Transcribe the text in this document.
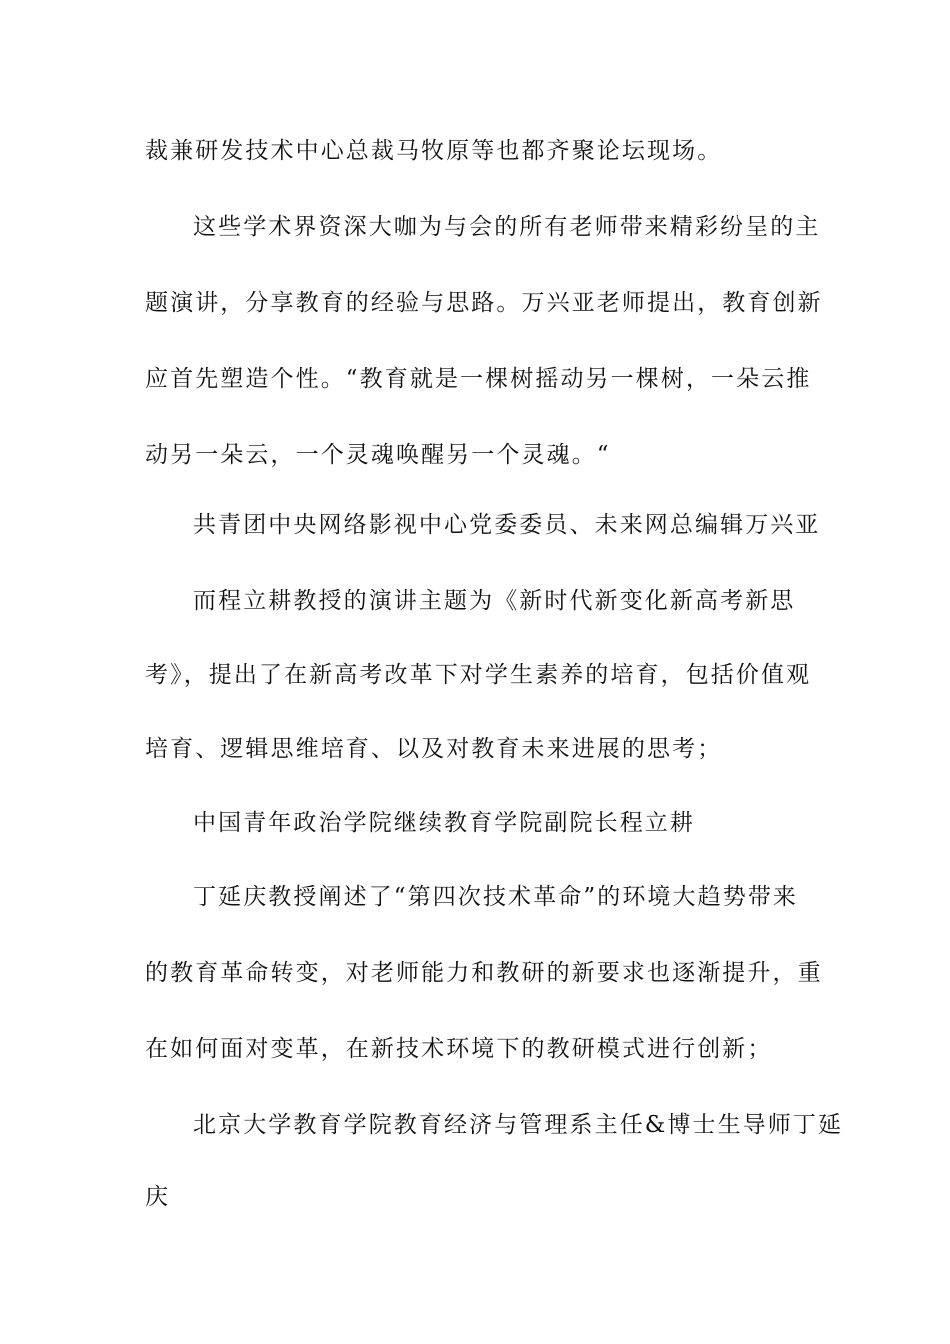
裁兼研发技术中心总裁马牧原等也都齐聚论坛现场。
这些学术界资深大咖为与会的所有老师带来精彩纷呈的主
题演讲，分享教育的经验与思路。万兴亚老师提出，教育创新
应首先塑造个性。“教育就是一棵树摇动另一棵树，一朵云推
动另一朵云，一个灵魂唤醒另一个灵魂。“
共青团中央网络影视中心党委委员、未来网总编辑万兴亚
而程立耕教授的演讲主题为《新时代新变化新高考新思
考》，提出了在新高考改革下对学生素养的培育，包括价值观
培育、逻辑思维培育、以及对教育未来进展的思考；
中国青年政治学院继续教育学院副院长程立耕
丁延庆教授阐述了“第四次技术革命”的环境大趋势带来
的教育革命转变，对老师能力和教研的新要求也逐渐提升，重
在如何面对变革，在新技术环境下的教研模式进行创新；
北京大学教育学院教育经济与管理系主任&博士生导师丁延
庆
